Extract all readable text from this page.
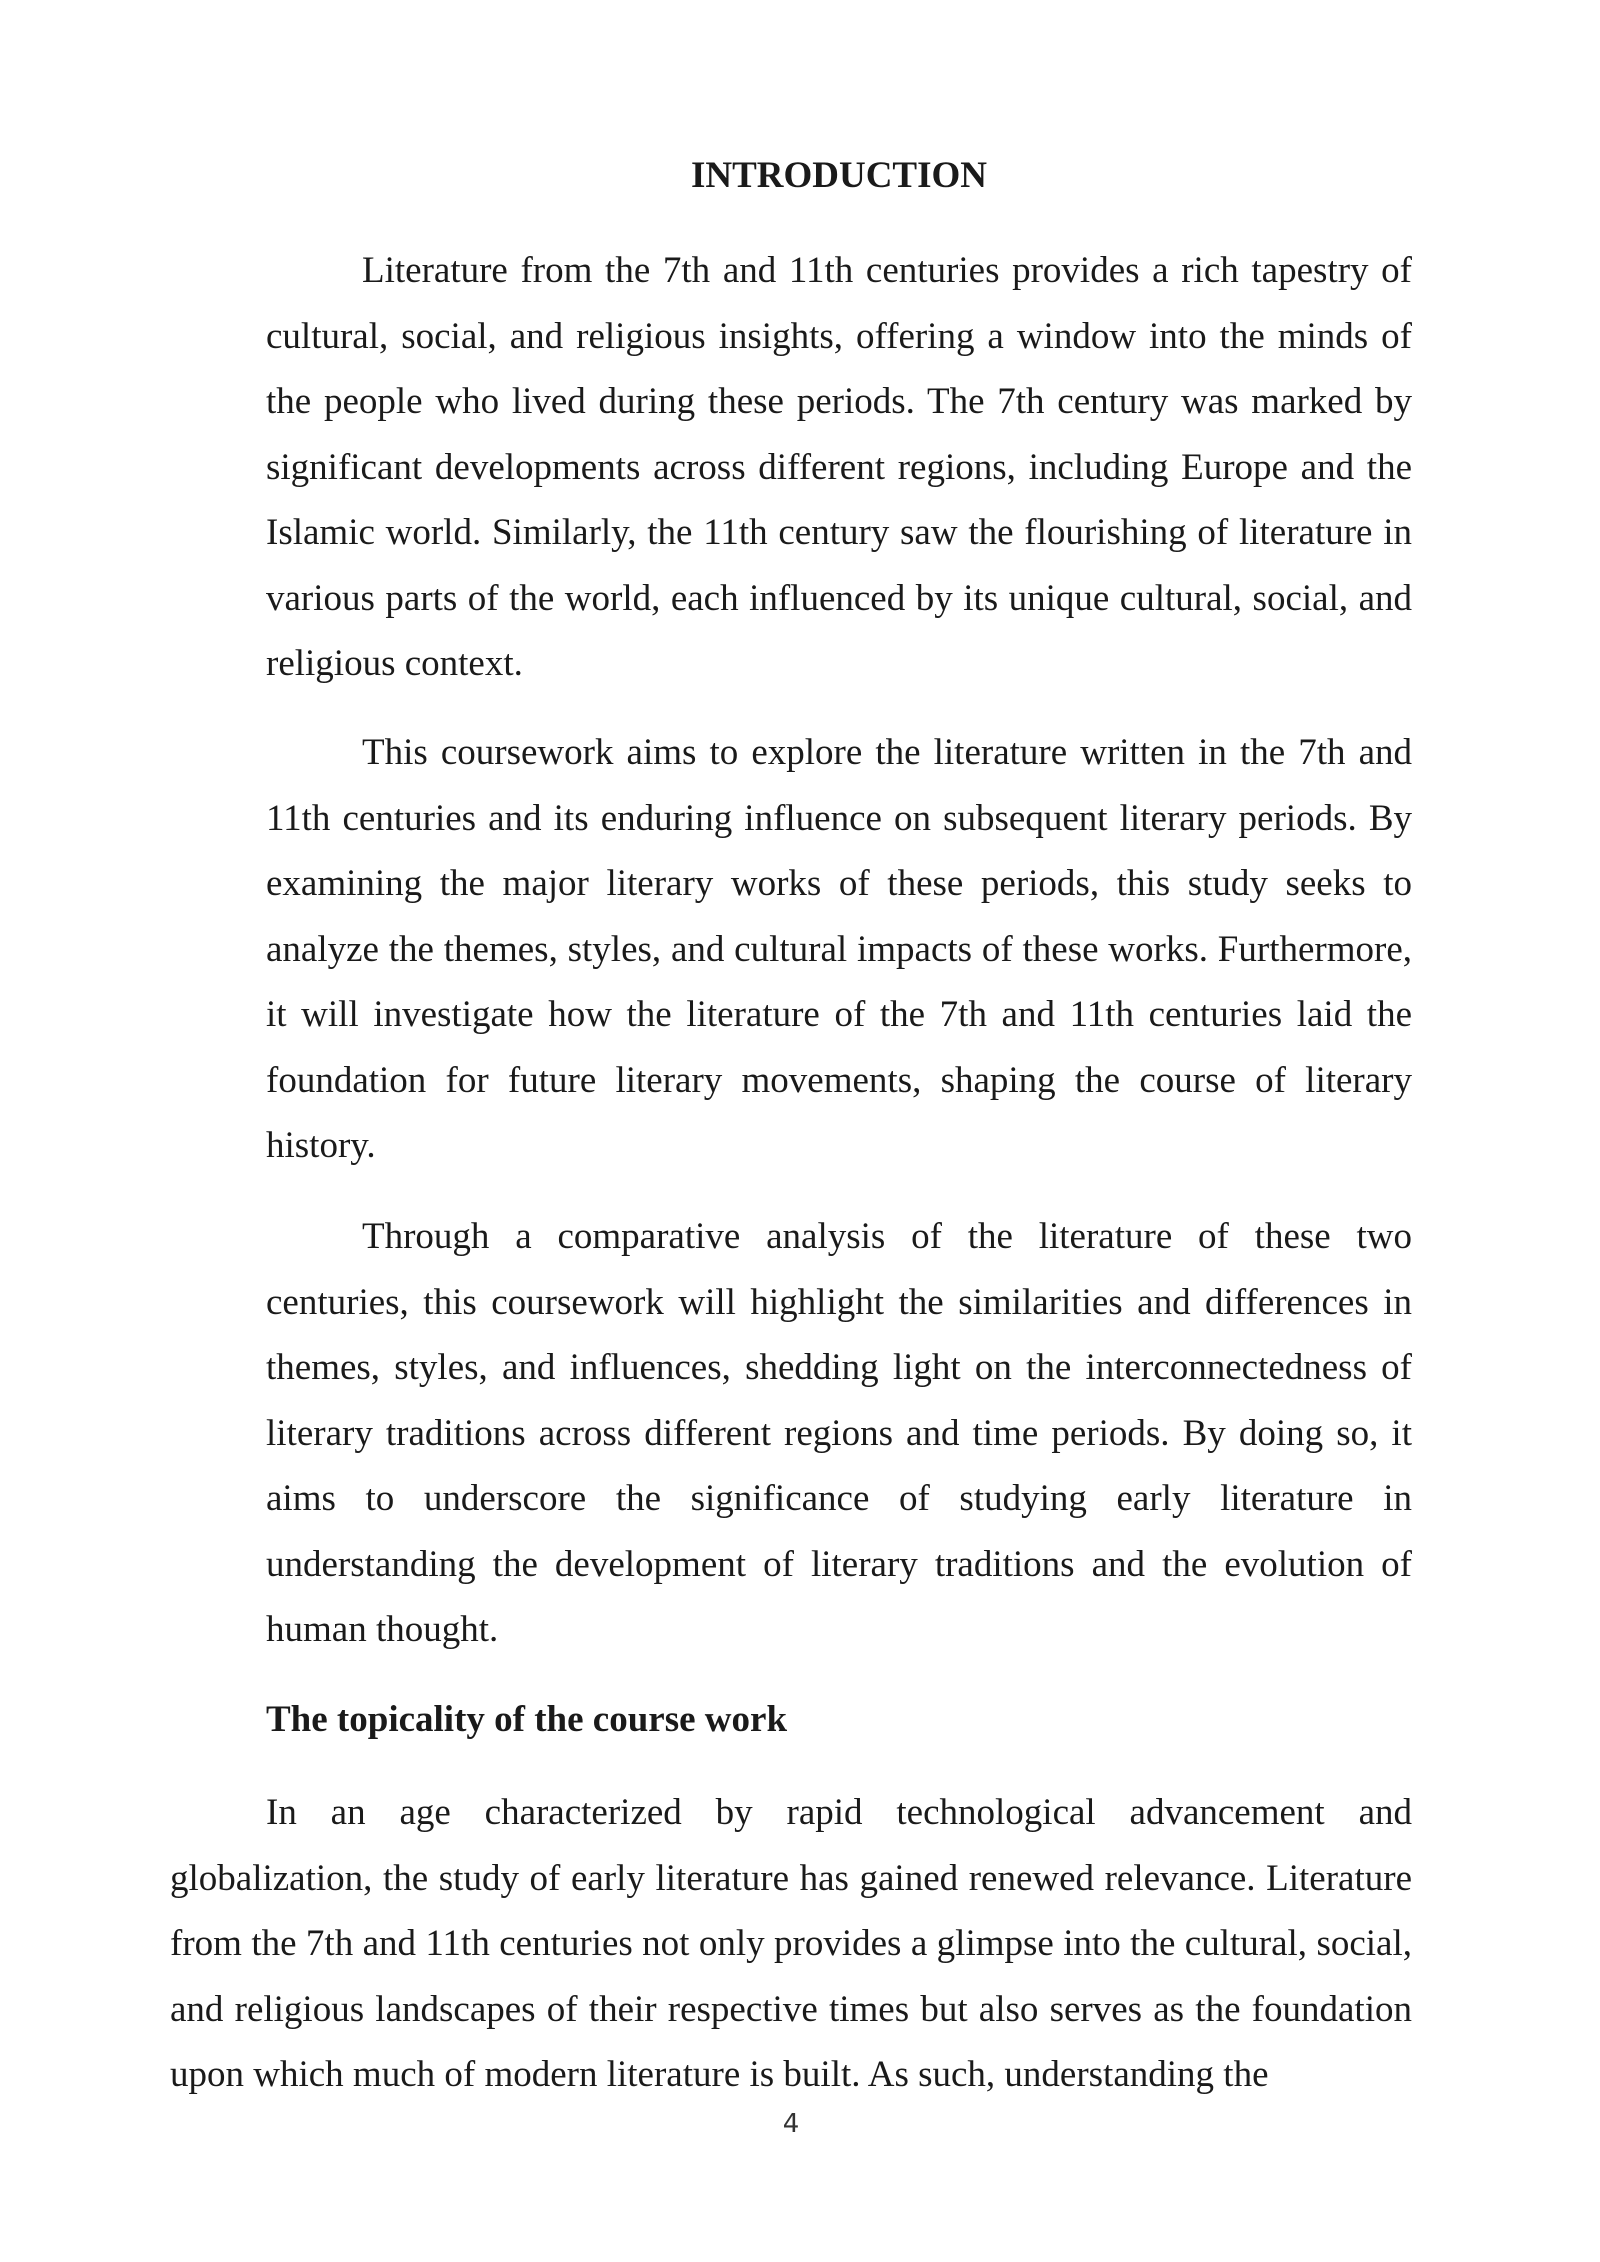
INTRODUCTION

Literature from the 7th and 11th centuries provides a rich tapestry of cultural, social, and religious insights, offering a window into the minds of the people who lived during these periods. The 7th century was marked by significant developments across different regions, including Europe and the Islamic world. Similarly, the 11th century saw the flourishing of literature in various parts of the world, each influenced by its unique cultural, social, and religious context.

This coursework aims to explore the literature written in the 7th and 11th centuries and its enduring influence on subsequent literary periods. By examining the major literary works of these periods, this study seeks to analyze the themes, styles, and cultural impacts of these works. Furthermore, it will investigate how the literature of the 7th and 11th centuries laid the foundation for future literary movements, shaping the course of literary history.

Through a comparative analysis of the literature of these two centuries, this coursework will highlight the similarities and differences in themes, styles, and influences, shedding light on the interconnectedness of literary traditions across different regions and time periods. By doing so, it aims to underscore the significance of studying early literature in understanding the development of literary traditions and the evolution of human thought.

The topicality of the course work

In an age characterized by rapid technological advancement and globalization, the study of early literature has gained renewed relevance. Literature from the 7th and 11th centuries not only provides a glimpse into the cultural, social, and religious landscapes of their respective times but also serves as the foundation upon which much of modern literature is built. As such, understanding the

4
